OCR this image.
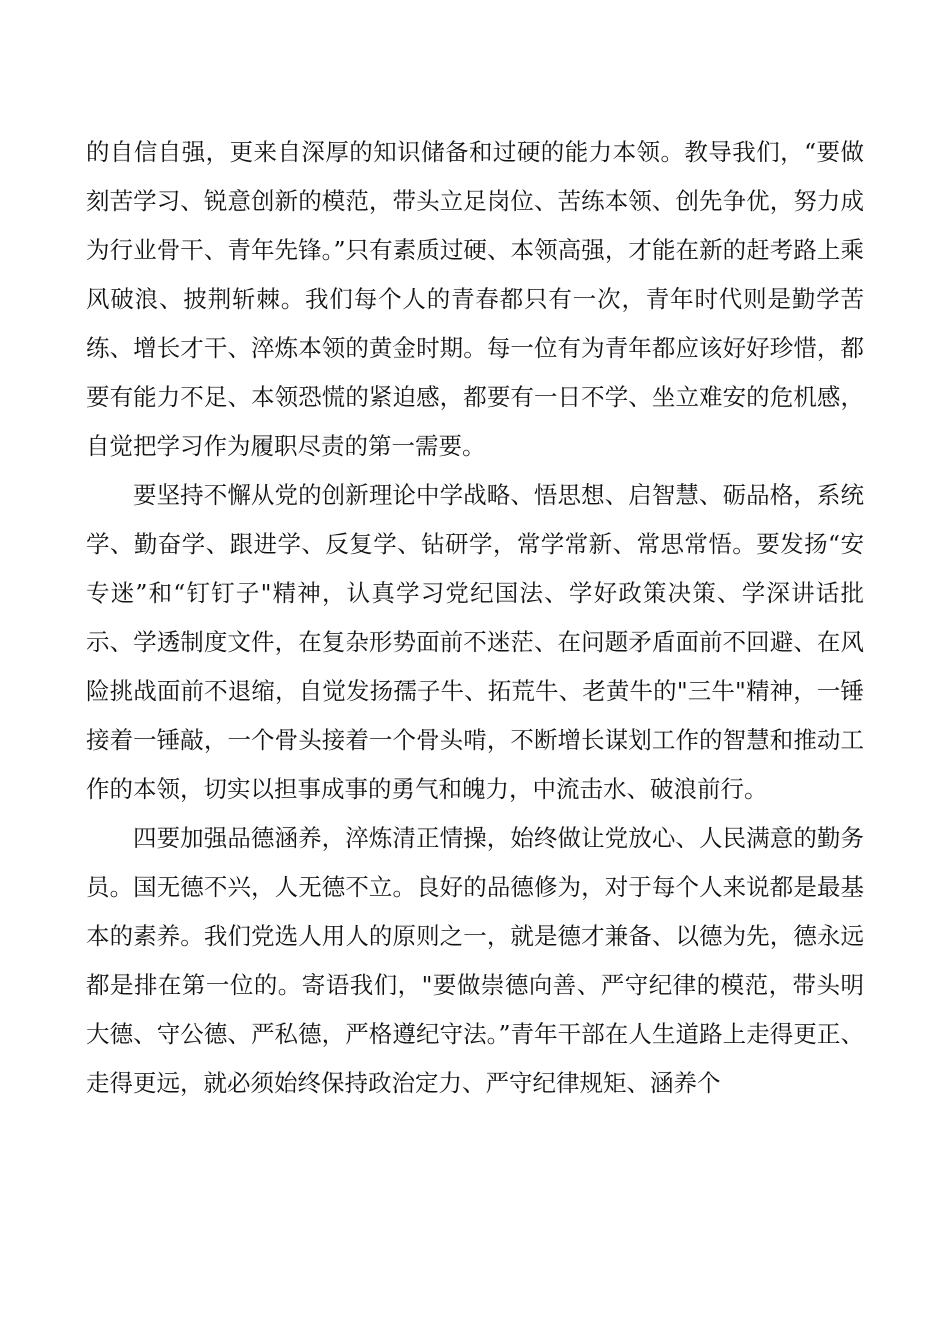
的自信自强，更来自深厚的知识储备和过硬的能力本领。教导我们，“要做刻苦学习、锐意创新的模范，带头立足岗位、苦练本领、创先争优，努力成为行业骨干、青年先锋。”只有素质过硬、本领高强，才能在新的赶考路上乘风破浪、披荆斩棘。我们每个人的青春都只有一次，青年时代则是勤学苦练、增长才干、淬炼本领的黄金时期。每一位有为青年都应该好好珍惜，都要有能力不足、本领恐慌的紧迫感，都要有一日不学、坐立难安的危机感，自觉把学习作为履职尽责的第一需要。

要坚持不懈从党的创新理论中学战略、悟思想、启智慧、砺品格，系统学、勤奋学、跟进学、反复学、钻研学，常学常新、常思常悟。要发扬“安专迷”和“钉钉子"精神，认真学习党纪国法、学好政策决策、学深讲话批示、学透制度文件，在复杂形势面前不迷茫、在问题矛盾面前不回避、在风险挑战面前不退缩，自觉发扬孺子牛、拓荒牛、老黄牛的"三牛"精神，一锤接着一锤敲，一个骨头接着一个骨头啃，不断增长谋划工作的智慧和推动工作的本领，切实以担事成事的勇气和魄力，中流击水、破浪前行。

四要加强品德涵养，淬炼清正情操，始终做让党放心、人民满意的勤务员。国无德不兴，人无德不立。良好的品德修为，对于每个人来说都是最基本的素养。我们党选人用人的原则之一，就是德才兼备、以德为先，德永远都是排在第一位的。寄语我们，"要做崇德向善、严守纪律的模范，带头明大德、守公德、严私德，严格遵纪守法。”青年干部在人生道路上走得更正、走得更远，就必须始终保持政治定力、严守纪律规矩、涵养个
